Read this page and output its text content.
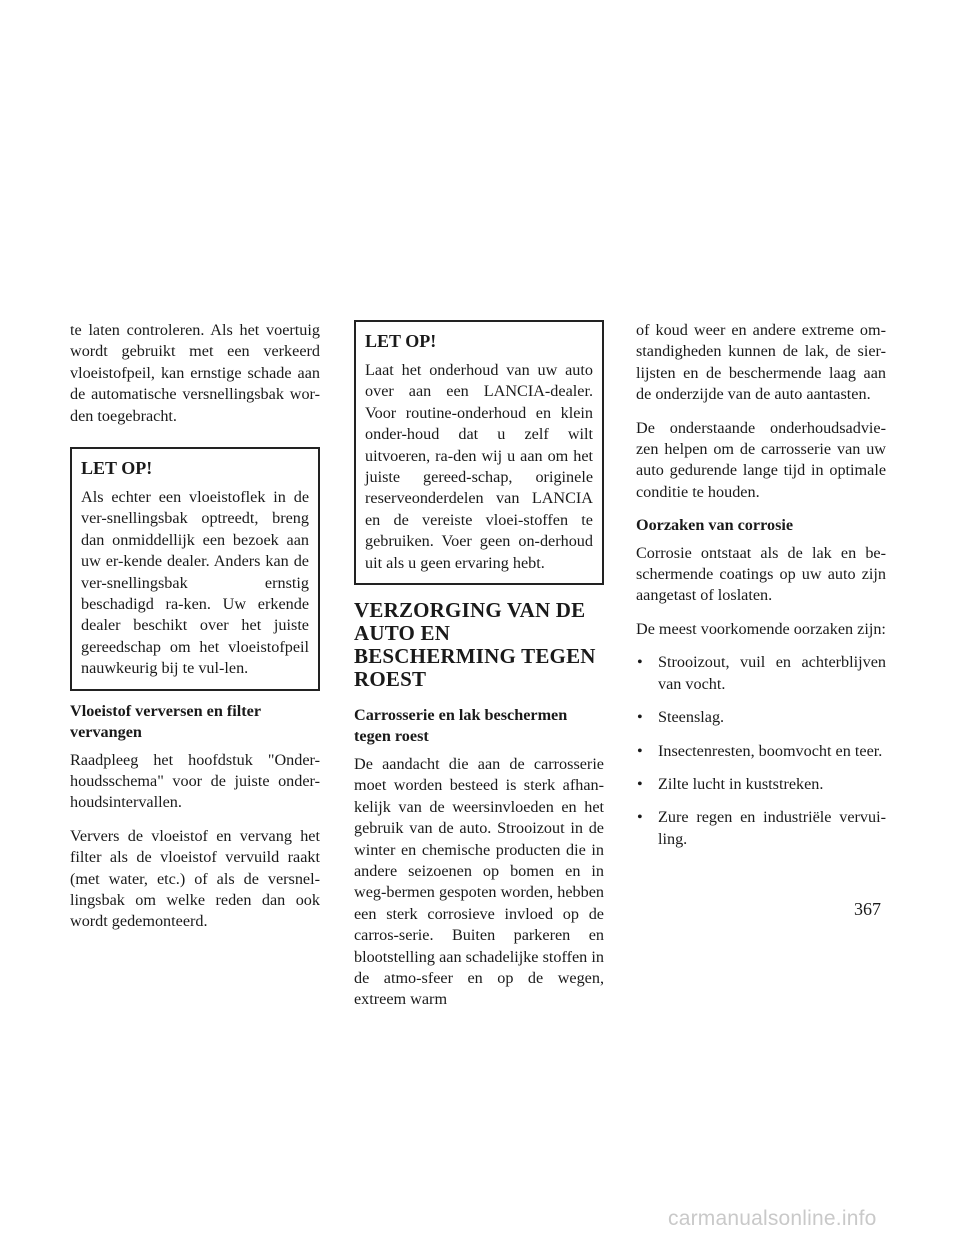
te laten controleren. Als het voertuig wordt gebruikt met een verkeerd vloeistofpeil, kan ernstige schade aan de automatische versnellingsbak wor-den toegebracht.

LET OP!

Als echter een vloeistoflek in de ver-snellingsbak optreedt, breng dan onmiddellijk een bezoek aan uw er-kende dealer. Anders kan de ver-snellingsbak ernstig beschadigd ra-ken. Uw erkende dealer beschikt over het juiste gereedschap om het vloeistofpeil nauwkeurig bij te vul-len.

Vloeistof verversen en filter vervangen

Raadpleeg het hoofdstuk "Onder-houdsschema" voor de juiste onder-houdsintervallen.

Ververs de vloeistof en vervang het filter als de vloeistof vervuild raakt (met water, etc.) of als de versnel-lingsbak om welke reden dan ook wordt gedemonteerd.

LET OP!

Laat het onderhoud van uw auto over aan een LANCIA-dealer. Voor routine-onderhoud en klein onder-houd dat u zelf wilt uitvoeren, ra-den wij u aan om het juiste gereed-schap, originele reserveonderdelen van LANCIA en de vereiste vloei-stoffen te gebruiken. Voer geen on-derhoud uit als u geen ervaring hebt.

VERZORGING VAN DE AUTO EN BESCHERMING TEGEN ROEST

Carrosserie en lak beschermen tegen roest

De aandacht die aan de carrosserie moet worden besteed is sterk afhan-kelijk van de weersinvloeden en het gebruik van de auto. Strooizout in de winter en chemische producten die in andere seizoenen op bomen en in weg-bermen gespoten worden, hebben een sterk corrosieve invloed op de carros-serie. Buiten parkeren en blootstelling aan schadelijke stoffen in de atmo-sfeer en op de wegen, extreem warm

of koud weer en andere extreme om-standigheden kunnen de lak, de sier-lijsten en de beschermende laag aan de onderzijde van de auto aantasten.

De onderstaande onderhoudsadvie-zen helpen om de carrosserie van uw auto gedurende lange tijd in optimale conditie te houden.

Oorzaken van corrosie

Corrosie ontstaat als de lak en be-schermende coatings op uw auto zijn aangetast of loslaten.

De meest voorkomende oorzaken zijn:

• Strooizout, vuil en achterblijven van vocht.
• Steenslag.
• Insectenresten, boomvocht en teer.
• Zilte lucht in kuststreken.
• Zure regen en industriële vervui-ling.
367
carmanualsonline.info
